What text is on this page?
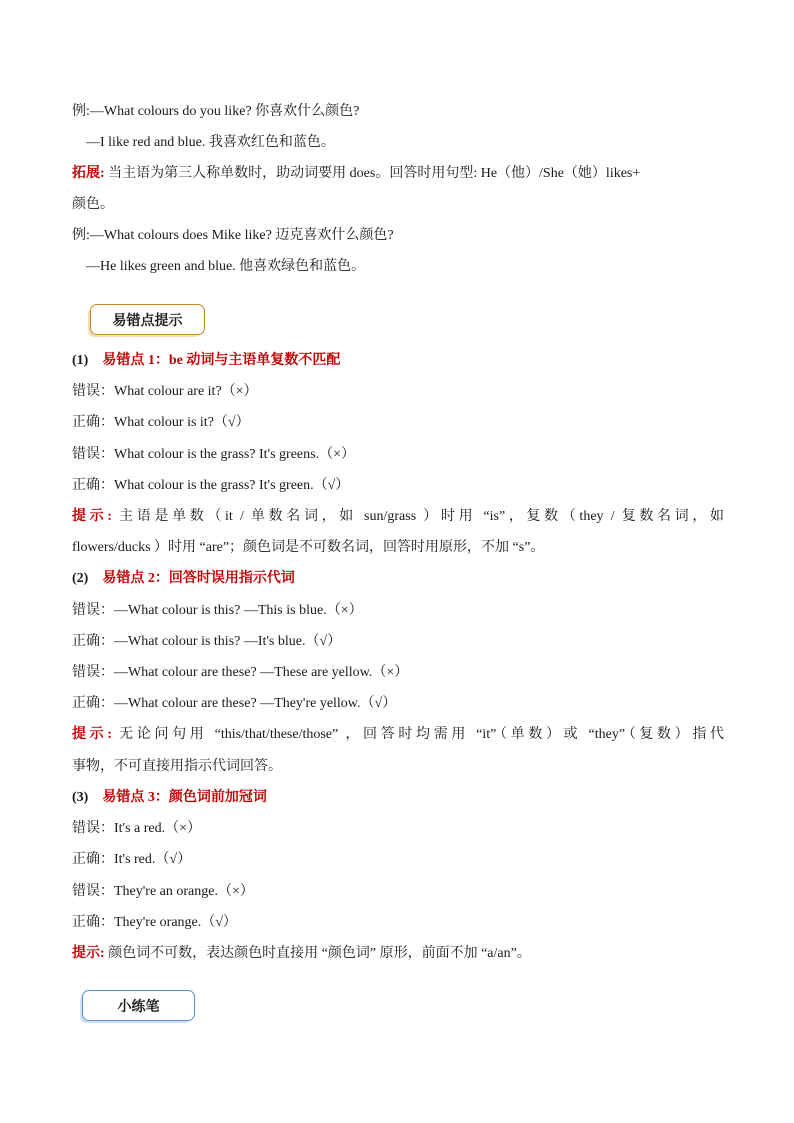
例:—What colours do you like? 你喜欢什么颜色?
—I like red and blue. 我喜欢红色和蓝色。
拓展: 当主语为第三人称单数时，助动词要用 does。回答时用句型: He（他）/She（她）likes+
颜色。
例:—What colours does Mike like? 迈克喜欢什么颜色?
—He likes green and blue. 他喜欢绿色和蓝色。
易错点提示
(1) 易错点 1：be 动词与主语单复数不匹配
错误：What colour are it?（×）
正确：What colour is it?（√）
错误：What colour is the grass? It's greens.（×）
正确：What colour is the grass? It's green.（√）
提示: 主语是单数（it / 单数名词，如 sun/grass ）时用 “is”，复数（they / 复数名词，如
flowers/ducks ）时用 “are”；颜色词是不可数名词，回答时用原形，不加 “s”。
(2) 易错点 2：回答时误用指示代词
错误：—What colour is this? —This is blue.（×）
正确：—What colour is this? —It's blue.（√）
错误：—What colour are these? —These are yellow.（×）
正确：—What colour are these? —They're yellow.（√）
提示: 无论问句用 “this/that/these/those” ，回答时均需用 “it”（单数）或 “they”（复数）指代
事物，不可直接用指示代词回答。
(3) 易错点 3：颜色词前加冠词
错误：It's a red.（×）
正确：It's red.（√）
错误：They're an orange.（×）
正确：They're orange.（√）
提示: 颜色词不可数，表达颜色时直接用 “颜色词” 原形，前面不加 “a/an”。
小练笔
